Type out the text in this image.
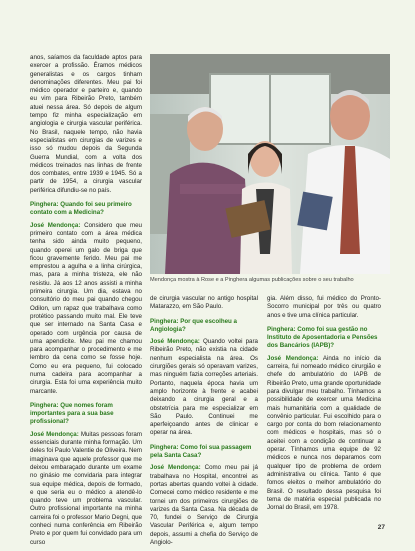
anos, saíamos da faculdade aptos para exercer a profissão. Éramos médicos generalistas e os cargos tinham denominações diferentes. Meu pai foi médico operador e parteiro e, quando eu vim para Ribeirão Preto, também atuei nessa área. Só depois de algum tempo fiz minha especialização em angiologia e cirurgia vascular periférica. No Brasil, naquele tempo, não havia especialistas em cirurgias de varizes e isso só mudou depois da Segunda Guerra Mundial, com a volta dos médicos treinados nas linhas de frente dos combates, entre 1939 e 1945. Só a partir de 1954, a cirurgia vascular periférica difundiu-se no país.

Pinghera: Quando foi seu primeiro contato com a Medicina?

José Mendonça: Considero que meu primeiro contato com a área médica tenha sido ainda muito pequeno, quando operei um galo de briga que ficou gravemente ferido. Meu pai me emprestou a agulha e a linha cirúrgica, mas, para a minha tristeza, ele não resistiu. Já aos 12 anos assisti a minha primeira cirurgia. Um dia, estava no consultório do meu pai quando chegou Odilon, um rapaz que trabalhava como protético passando muito mal. Ele teve que ser internado na Santa Casa e operado com urgência por causa de uma apendicite. Meu pai me chamou para acompanhar o procedimento e me lembro da cena como se fosse hoje. Como eu era pequeno, fui colocado numa cadeira para acompanhar a cirurgia. Esta foi uma experiência muito marcante.

Pinghera: Que nomes foram importantes para a sua base profissional?

José Mendonça: Muitas pessoas foram essenciais durante minha formação. Um deles foi Paulo Valentie de Oliveira. Nem imaginava que aquele professor que me deixou embaraçado durante um exame no ginásio me convidaria para integrar sua equipe médica, depois de formado, e que seria eu o médico a atendê-lo quando teve um problema vascular. Outro profissional importante na minha carreira foi o professor Mario Degni, que conheci numa conferência em Ribeirão Preto e por quem fui convidado para um curso

Mendonça mostra à Rose e a Pinghera algumas publicações sobre o seu trabalho

de cirurgia vascular no antigo hospital Matarazzo, em São Paulo.

Pinghera: Por que escolheu a Angiologia?

José Mendonça: Quando voltei para Ribeirão Preto, não existia na cidade nenhum especialista na área. Os cirurgiões gerais só operavam varizes, mas ninguém fazia correções arteriais. Portanto, naquela época havia um amplo horizonte à frente e acabei deixando a cirurgia geral e a obstetrícia para me especializar em São Paulo. Continuei me aperfeiçoando antes de clinicar e operar na área.

Pinghera: Como foi sua passagem pela Santa Casa?

José Mendonça: Como meu pai já trabalhava no Hospital, encontrei as portas abertas quando voltei à cidade. Comecei como médico residente e me tornei um dos primeiros cirurgiões de varizes da Santa Casa. Na década de 70, fundei o Serviço de Cirurgia Vascular Periférica e, algum tempo depois, assumi a chefia do Serviço de Angiolo-

gia. Além disso, fui médico do Pronto-Socorro municipal por três ou quatro anos e tive uma clínica particular.

Pinghera: Como foi sua gestão no Instituto de Aposentadoria e Pensões dos Bancários (IAPB)?

José Mendonça: Ainda no início da carreira, fui nomeado médico cirurgião e chefe do ambulatório do IAPB de Ribeirão Preto, uma grande oportunidade para divulgar meu trabalho. Tínhamos a possibilidade de exercer uma Medicina mais humanitária com a qualidade de convênio particular. Fui escolhido para o cargo por conta do bom relacionamento com médicos e hospitais, mas só o aceitei com a condição de continuar a operar. Tínhamos uma equipe de 92 médicos e nunca nos deparamos com qualquer tipo de problema de ordem administrativa ou clínica. Tanto é que fomos eleitos o melhor ambulatório do Brasil. O resultado dessa pesquisa foi tema de matéria especial publicada no Jornal do Brasil, em 1978.

27
